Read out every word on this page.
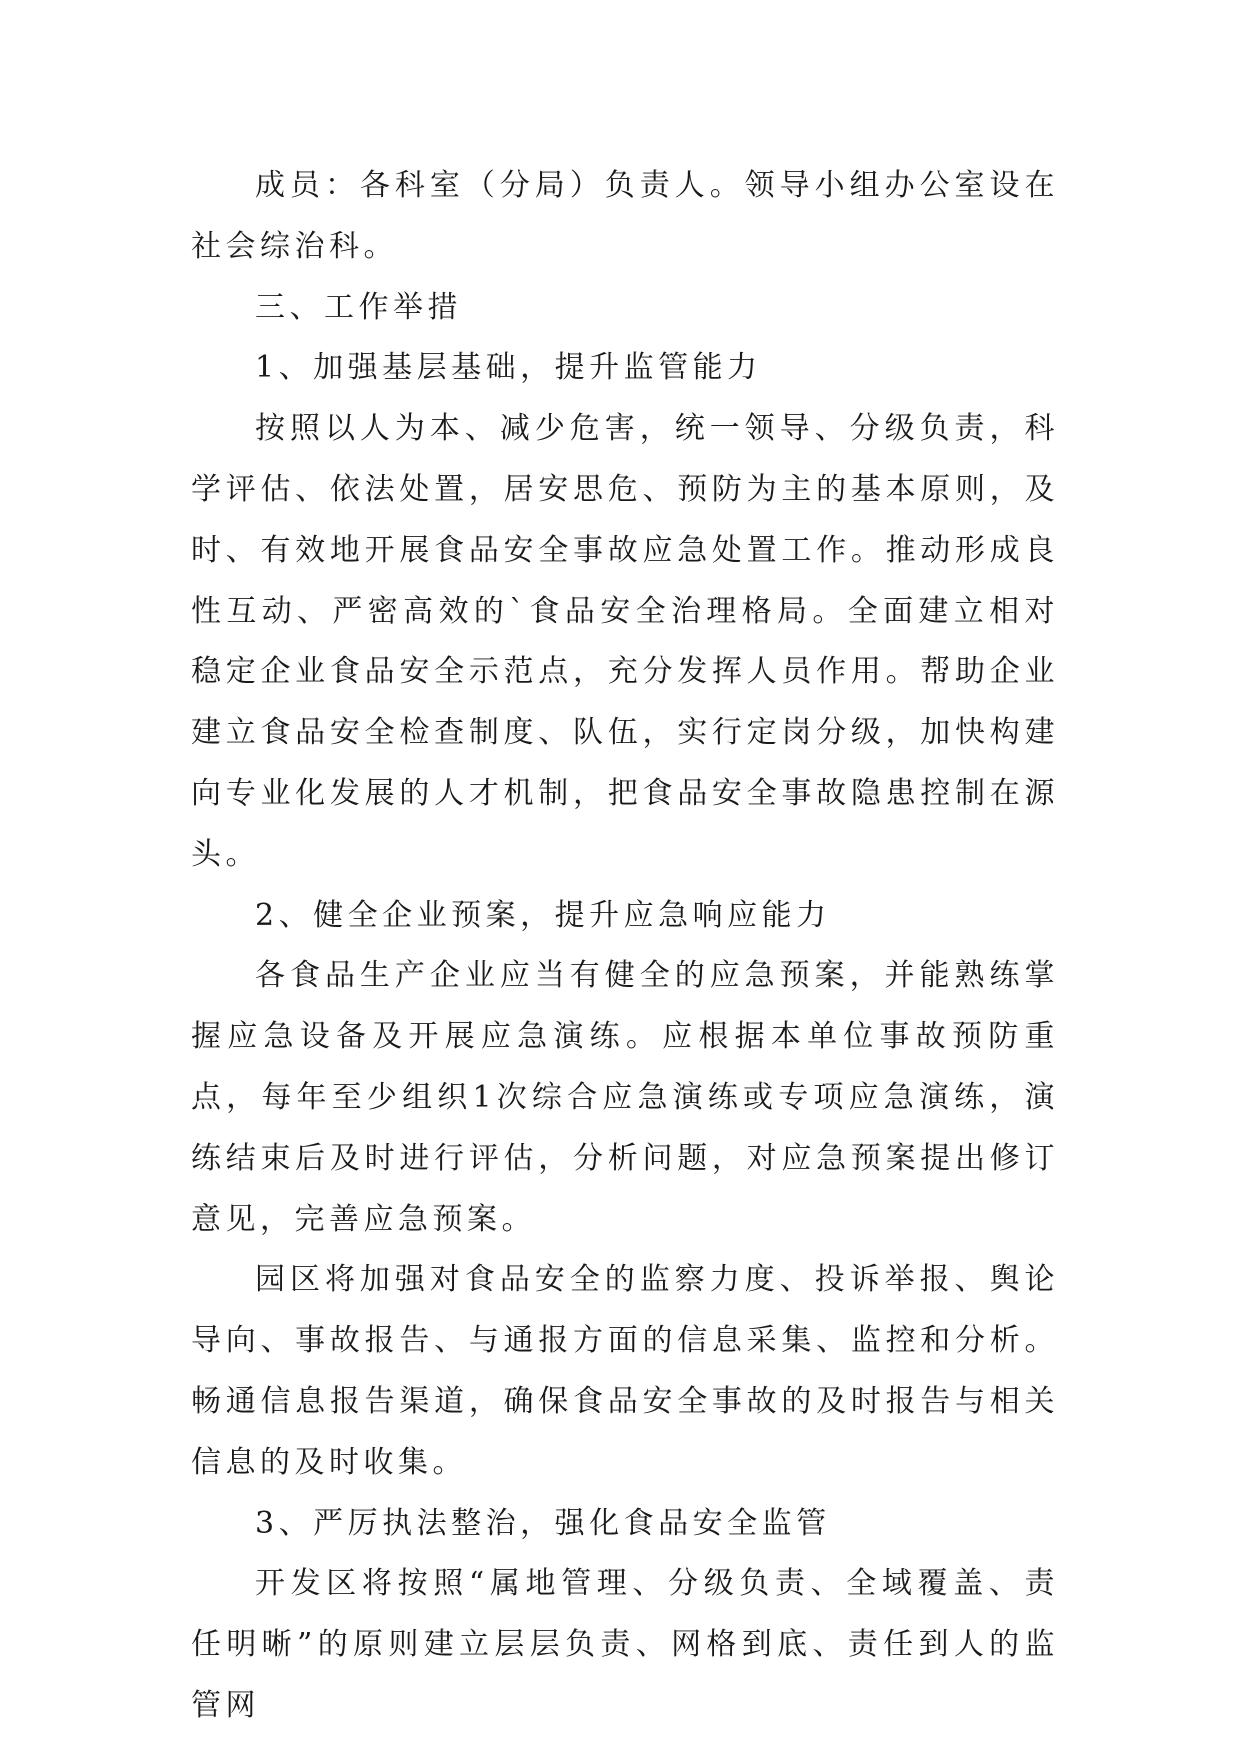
成员：各科室（分局）负责人。领导小组办公室设在社会综治科。

三、工作举措

1、加强基层基础，提升监管能力

按照以人为本、减少危害，统一领导、分级负责，科学评估、依法处置，居安思危、预防为主的基本原则，及时、有效地开展食品安全事故应急处置工作。推动形成良性互动、严密高效的`食品安全治理格局。全面建立相对稳定企业食品安全示范点，充分发挥人员作用。帮助企业建立食品安全检查制度、队伍，实行定岗分级，加快构建向专业化发展的人才机制，把食品安全事故隐患控制在源头。

2、健全企业预案，提升应急响应能力

各食品生产企业应当有健全的应急预案，并能熟练掌握应急设备及开展应急演练。应根据本单位事故预防重点，每年至少组织1次综合应急演练或专项应急演练，演练结束后及时进行评估，分析问题，对应急预案提出修订意见，完善应急预案。

园区将加强对食品安全的监察力度、投诉举报、舆论导向、事故报告、与通报方面的信息采集、监控和分析。畅通信息报告渠道，确保食品安全事故的及时报告与相关信息的及时收集。

3、严厉执法整治，强化食品安全监管

开发区将按照“属地管理、分级负责、全域覆盖、责任明晰”的原则建立层层负责、网格到底、责任到人的监管网
